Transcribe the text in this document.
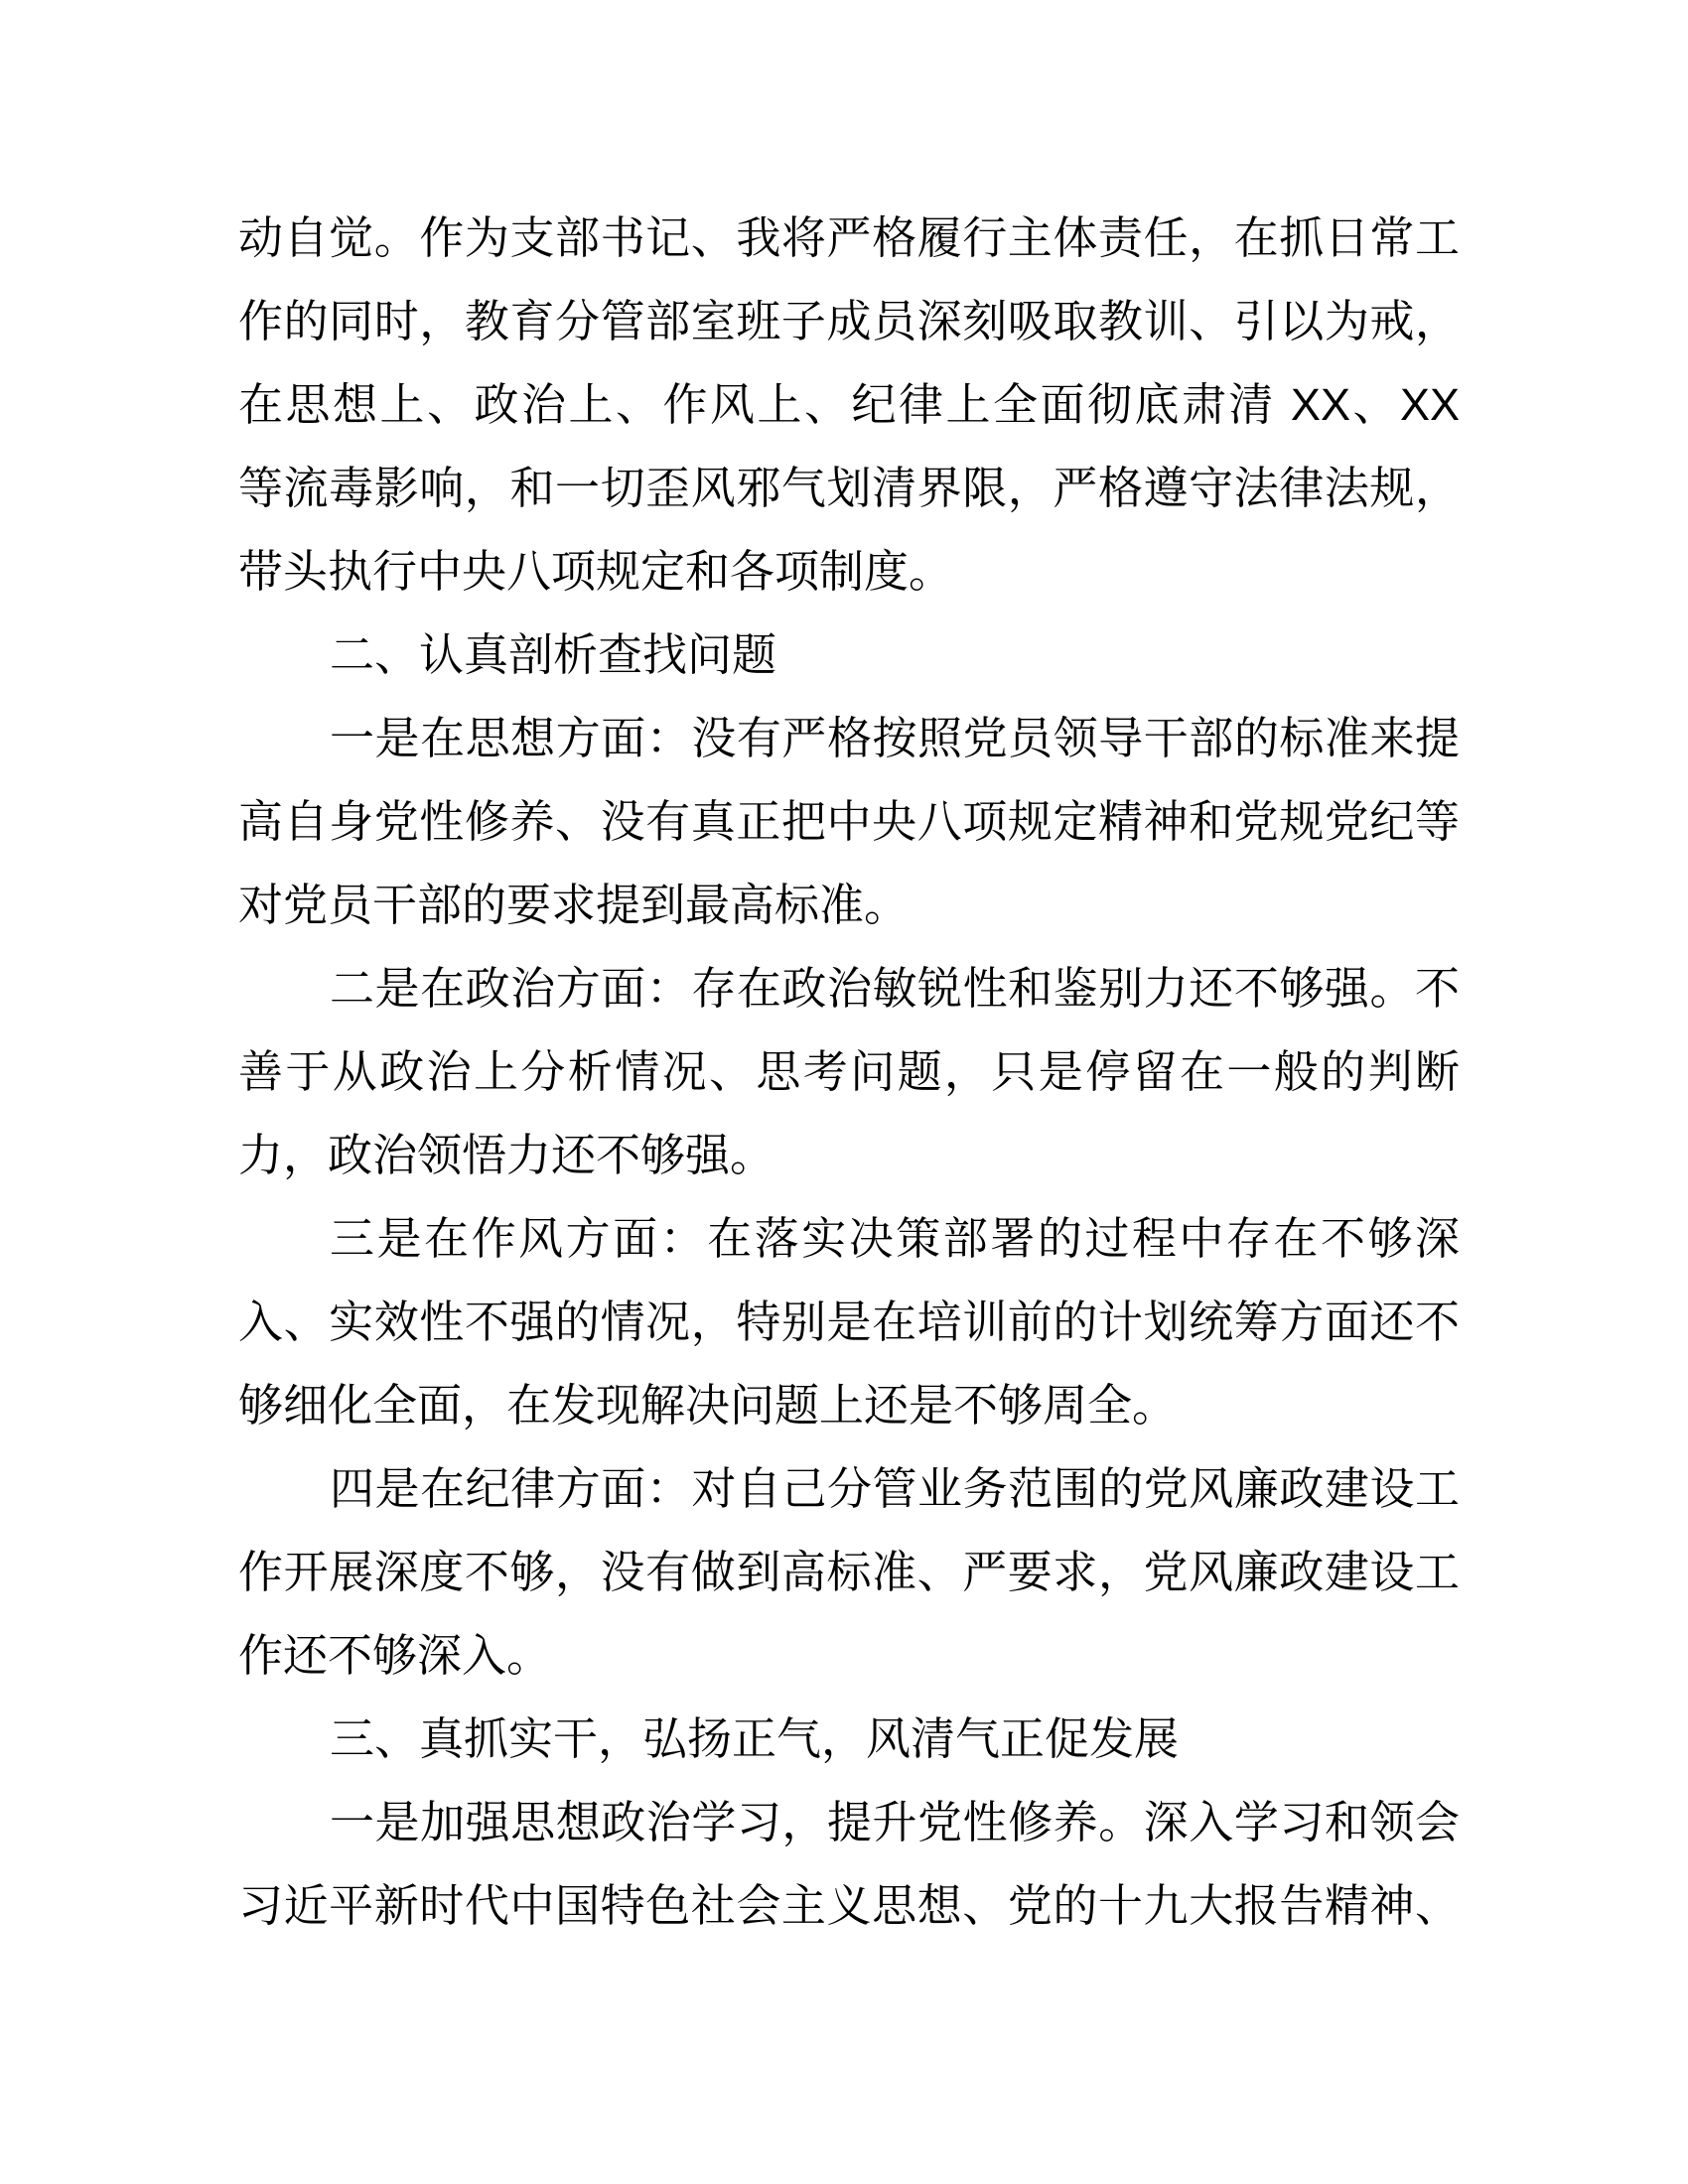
动自觉。作为支部书记、我将严格履行主体责任，在抓日常工
作的同时，教育分管部室班子成员深刻吸取教训、引以为戒，
在思想上、政治上、作风上、纪律上全面彻底肃清 XX、XX
等流毒影响，和一切歪风邪气划清界限，严格遵守法律法规，
带头执行中央八项规定和各项制度。
二、认真剖析查找问题
一是在思想方面：没有严格按照党员领导干部的标准来提
高自身党性修养、没有真正把中央八项规定精神和党规党纪等
对党员干部的要求提到最高标准。
二是在政治方面：存在政治敏锐性和鉴别力还不够强。不
善于从政治上分析情况、思考问题，只是停留在一般的判断
力，政治领悟力还不够强。
三是在作风方面：在落实决策部署的过程中存在不够深
入、实效性不强的情况，特别是在培训前的计划统筹方面还不
够细化全面，在发现解决问题上还是不够周全。
四是在纪律方面：对自己分管业务范围的党风廉政建设工
作开展深度不够，没有做到高标准、严要求，党风廉政建设工
作还不够深入。
三、真抓实干，弘扬正气，风清气正促发展
一是加强思想政治学习，提升党性修养。深入学习和领会
习近平新时代中国特色社会主义思想、党的十九大报告精神、
